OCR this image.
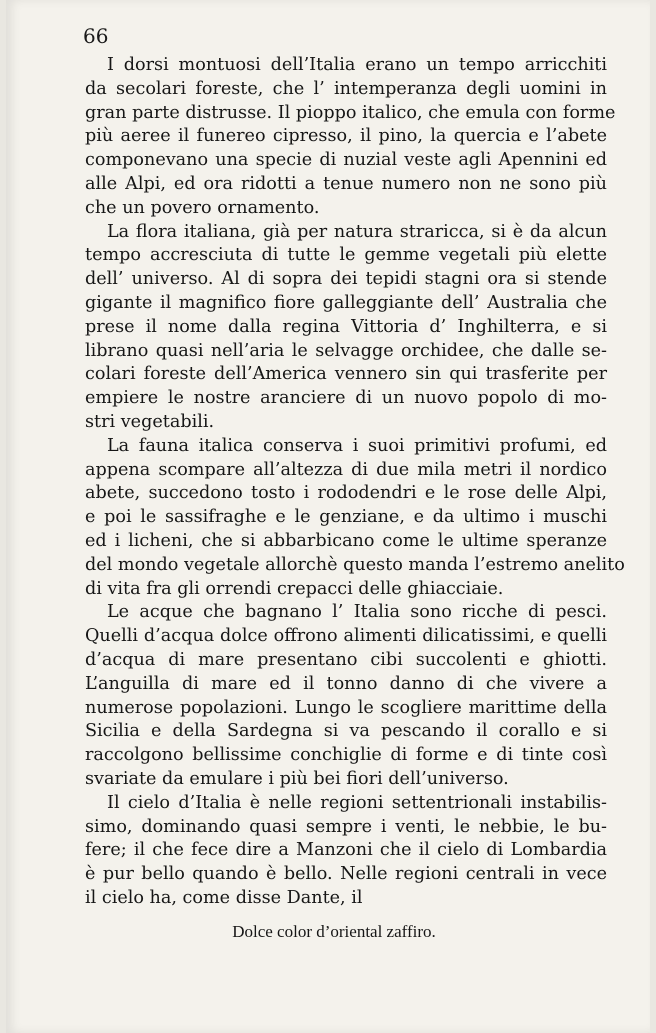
66
I dorsi montuosi dell’Italia erano un tempo arricchiti
da secolari foreste, che l’ intemperanza degli uomini in
gran parte distrusse. Il pioppo italico, che emula con forme
più aeree il funereo cipresso, il pino, la quercia e l’abete
componevano una specie di nuzial veste agli Apennini ed
alle Alpi, ed ora ridotti a tenue numero non ne sono più
che un povero ornamento.
La flora italiana, già per natura straricca, si è da alcun
tempo accresciuta di tutte le gemme vegetali più elette
dell’ universo. Al di sopra dei tepidi stagni ora si stende
gigante il magnifico fiore galleggiante dell’ Australia che
prese il nome dalla regina Vittoria d’ Inghilterra, e si
librano quasi nell’aria le selvagge orchidee, che dalle se-
colari foreste dell’America vennero sin qui trasferite per
empiere le nostre aranciere di un nuovo popolo di mo-
stri vegetabili.
La fauna italica conserva i suoi primitivi profumi, ed
appena scompare all’altezza di due mila metri il nordico
abete, succedono tosto i rododendri e le rose delle Alpi,
e poi le sassifraghe e le genziane, e da ultimo i muschi
ed i licheni, che si abbarbicano come le ultime speranze
del mondo vegetale allorchè questo manda l’estremo anelito
di vita fra gli orrendi crepacci delle ghiacciaie.
Le acque che bagnano l’ Italia sono ricche di pesci.
Quelli d’acqua dolce offrono alimenti dilicatissimi, e quelli
d’acqua di mare presentano cibi succolenti e ghiotti.
L’anguilla di mare ed il tonno danno di che vivere a
numerose popolazioni. Lungo le scogliere marittime della
Sicilia e della Sardegna si va pescando il corallo e si
raccolgono bellissime conchiglie di forme e di tinte così
svariate da emulare i più bei fiori dell’universo.
Il cielo d’Italia è nelle regioni settentrionali instabilis-
simo, dominando quasi sempre i venti, le nebbie, le bu-
fere; il che fece dire a Manzoni che il cielo di Lombardia
è pur bello quando è bello. Nelle regioni centrali in vece
il cielo ha, come disse Dante, il
Dolce color d’oriental zaffiro.
